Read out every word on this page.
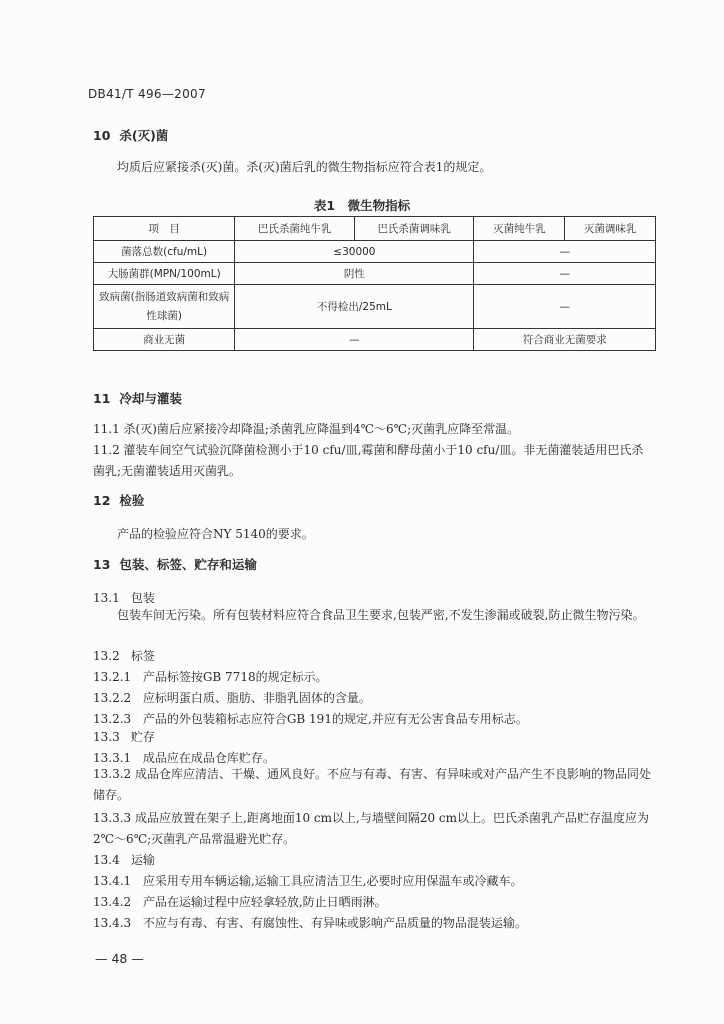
DB41/T 496—2007
10 杀(灭)菌
均质后应紧接杀(灭)菌。杀(灭)菌后乳的微生物指标应符合表1的规定。
表1　微生物指标
项　目	巴氏杀菌纯牛乳	巴氏杀菌调味乳	灭菌纯牛乳	灭菌调味乳
菌落总数(cfu/mL)	≤30000		—	
大肠菌群(MPN/100mL)	阴性		—	
致病菌(指肠道致病菌和致病性球菌)	不得检出/25mL		—	
商业无菌	—		符合商业无菌要求	
11 冷却与灌装
11.1 杀(灭)菌后应紧接冷却降温;杀菌乳应降温到4℃～6℃;灭菌乳应降至常温。
11.2 灌装车间空气试验沉降菌检测小于10 cfu/皿,霉菌和酵母菌小于10 cfu/皿。非无菌灌装适用巴氏杀菌乳;无菌灌装适用灭菌乳。
12 检验
产品的检验应符合NY 5140的要求。
13 包装、标签、贮存和运输
13.1 包装
包装车间无污染。所有包装材料应符合食品卫生要求,包装严密,不发生渗漏或破裂,防止微生物污染。
13.2 标签
13.2.1 产品标签按GB 7718的规定标示。
13.2.2 应标明蛋白质、脂肪、非脂乳固体的含量。
13.2.3 产品的外包装箱标志应符合GB 191的规定,并应有无公害食品专用标志。
13.3 贮存
13.3.1 成品应在成品仓库贮存。
13.3.2 成品仓库应清洁、干燥、通风良好。不应与有毒、有害、有异味或对产品产生不良影响的物品同处储存。
13.3.3 成品应放置在架子上,距离地面10 cm以上,与墙壁间隔20 cm以上。巴氏杀菌乳产品贮存温度应为2℃～6℃;灭菌乳产品常温避光贮存。
13.4 运输
13.4.1 应采用专用车辆运输,运输工具应清洁卫生,必要时应用保温车或冷藏车。
13.4.2 产品在运输过程中应轻拿轻放,防止日晒雨淋。
13.4.3 不应与有毒、有害、有腐蚀性、有异味或影响产品质量的物品混装运输。
— 48 —
